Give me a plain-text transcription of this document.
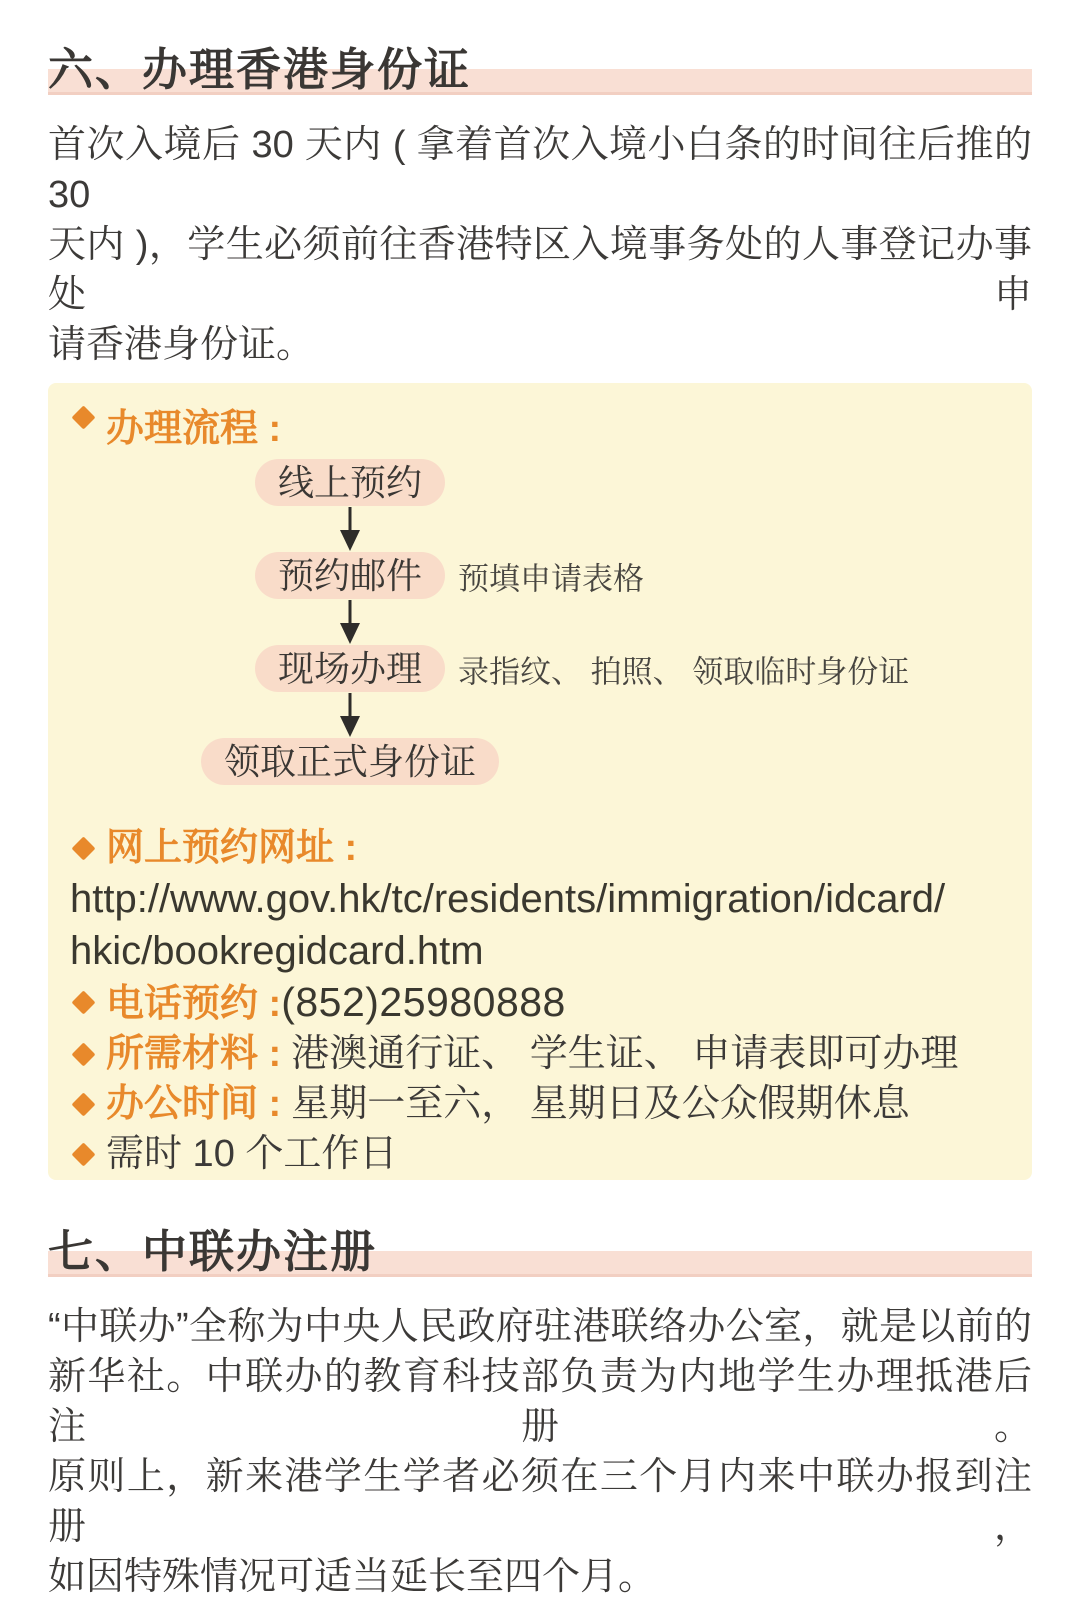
六、办理香港身份证
首次入境后 30 天内 ( 拿着首次入境小白条的时间往后推的 30
天内 )，学生必须前往香港特区入境事务处的人事登记办事处申
请香港身份证。
办理流程 :
线上预约
预约邮件	预填申请表格
现场办理	录指纹、 拍照、 领取临时身份证
领取正式身份证
网上预约网址 :
http://www.gov.hk/tc/residents/immigration/idcard/
hkic/bookregidcard.htm
电话预约 :(852)25980888
所需材料 : 港澳通行证、 学生证、 申请表即可办理
办公时间 : 星期一至六， 星期日及公众假期休息
需时 10 个工作日
七、中联办注册
“中联办”全称为中央人民政府驻港联络办公室，就是以前的
新华社。中联办的教育科技部负责为内地学生办理抵港后注册。
原则上，新来港学生学者必须在三个月内来中联办报到注册，
如因特殊情况可适当延长至四个月。
